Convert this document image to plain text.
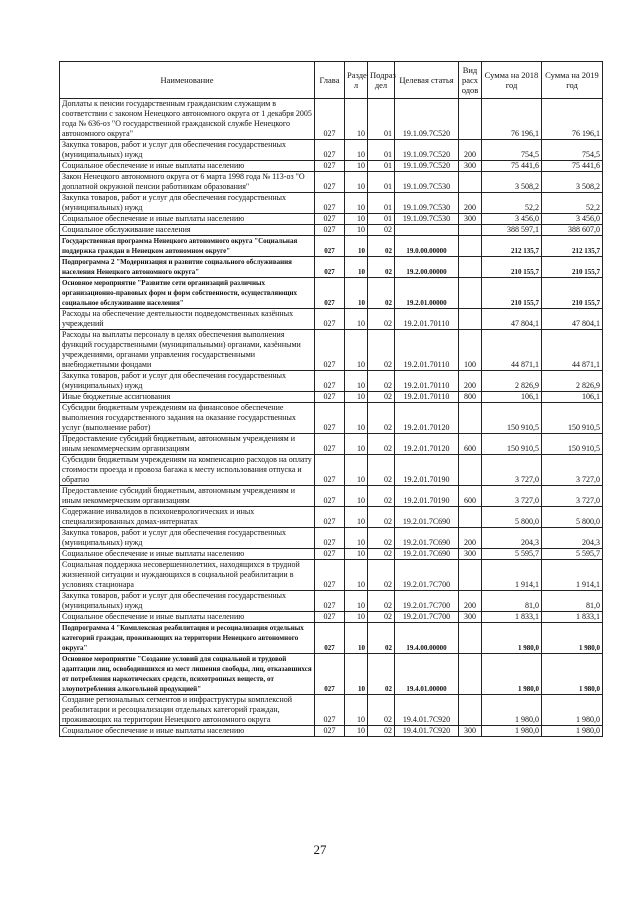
Наименование	Глава	Разде л	Подраз дел	Целевая статья	Вид расх одов	Сумма на 2018 год	Сумма на 2019 год
Доплаты к пенсии государственным гражданским служащим в соответствии с законом Ненецкого автономного округа от 1 декабря 2005 года № 636-оз "О государственной гражданской службе Ненецкого автономного округа"	027	10	01	19.1.09.7С520		76 196,1	76 196,1
Закупка товаров, работ и услуг для обеспечения государственных (муниципальных) нужд	027	10	01	19.1.09.7С520	200	754,5	754,5
Социальное обеспечение и иные выплаты населению	027	10	01	19.1.09.7С520	300	75 441,6	75 441,6
Закон Ненецкого автономного округа от 6 марта 1998 года № 113-оз "О доплатной окружной пенсии работникам образования"	027	10	01	19.1.09.7С530		3 508,2	3 508,2
Закупка товаров, работ и услуг для обеспечения государственных (муниципальных) нужд	027	10	01	19.1.09.7С530	200	52,2	52,2
Социальное обеспечение и иные выплаты населению	027	10	01	19.1.09.7С530	300	3 456,0	3 456,0
Социальное обслуживание населения	027	10	02			388 597,1	388 607,0
Государственная программа Ненецкого автономного округа "Социальная поддержка граждан в Ненецком автономном округе"	027	10	02	19.0.00.00000		212 135,7	212 135,7
Подпрограмма 2 "Модернизация и развитие социального обслуживания населения Ненецкого автономного округа"	027	10	02	19.2.00.00000		210 155,7	210 155,7
Основное мероприятие "Развитие сети организаций различных организационно-правовых форм и форм собственности, осуществляющих социальное обслуживание населения"	027	10	02	19.2.01.00000		210 155,7	210 155,7
Расходы на обеспечение деятельности подведомственных казённых учреждений	027	10	02	19.2.01.70110		47 804,1	47 804,1
Расходы на выплаты персоналу в целях обеспечения выполнения функций государственными (муниципальными) органами, казёнными учреждениями, органами управления государственными внебюджетными фондами	027	10	02	19.2.01.70110	100	44 871,1	44 871,1
Закупка товаров, работ и услуг для обеспечения государственных (муниципальных) нужд	027	10	02	19.2.01.70110	200	2 826,9	2 826,9
Иные бюджетные ассигнования	027	10	02	19.2.01.70110	800	106,1	106,1
Субсидии бюджетным учреждениям на финансовое обеспечение выполнения государственного задания на оказание государственных услуг (выполнение работ)	027	10	02	19.2.01.70120		150 910,5	150 910,5
Предоставление субсидий бюджетным, автономным учреждениям и иным некоммерческим организациям	027	10	02	19.2.01.70120	600	150 910,5	150 910,5
Субсидии бюджетным учреждениям на компенсацию расходов на оплату стоимости проезда и провоза багажа к месту использования отпуска и обратно	027	10	02	19.2.01.70190		3 727,0	3 727,0
Предоставление субсидий бюджетным, автономным учреждениям и иным некоммерческим организациям	027	10	02	19.2.01.70190	600	3 727,0	3 727,0
Содержание инвалидов в психоневрологических и иных специализированных домах-интернатах	027	10	02	19.2.01.7С690		5 800,0	5 800,0
Закупка товаров, работ и услуг для обеспечения государственных (муниципальных) нужд	027	10	02	19.2.01.7С690	200	204,3	204,3
Социальное обеспечение и иные выплаты населению	027	10	02	19.2.01.7С690	300	5 595,7	5 595,7
Социальная поддержка несовершеннолетних, находящихся в трудной жизненной ситуации и нуждающихся в социальной реабилитации в условиях стационара	027	10	02	19.2.01.7С700		1 914,1	1 914,1
Закупка товаров, работ и услуг для обеспечения государственных (муниципальных) нужд	027	10	02	19.2.01.7С700	200	81,0	81,0
Социальное обеспечение и иные выплаты населению	027	10	02	19.2.01.7С700	300	1 833,1	1 833,1
Подпрограмма 4 "Комплексная реабилитация и ресоциализация отдельных категорий граждан, проживающих на территории Ненецкого автономного округа"	027	10	02	19.4.00.00000		1 980,0	1 980,0
Основное мероприятие "Создание условий для социальной и трудовой адаптации лиц, освободившихся из мест лишения свободы, лиц, отказавшихся от потребления наркотических средств, психотропных веществ, от злоупотребления алкогольной продукцией"	027	10	02	19.4.01.00000		1 980,0	1 980,0
Создание региональных сегментов и инфраструктуры комплексной реабилитации и ресоциализации отдельных категорий граждан, проживающих на территории Ненецкого автономного округа	027	10	02	19.4.01.7С920		1 980,0	1 980,0
Социальное обеспечение и иные выплаты населению	027	10	02	19.4.01.7С920	300	1 980,0	1 980,0
27
